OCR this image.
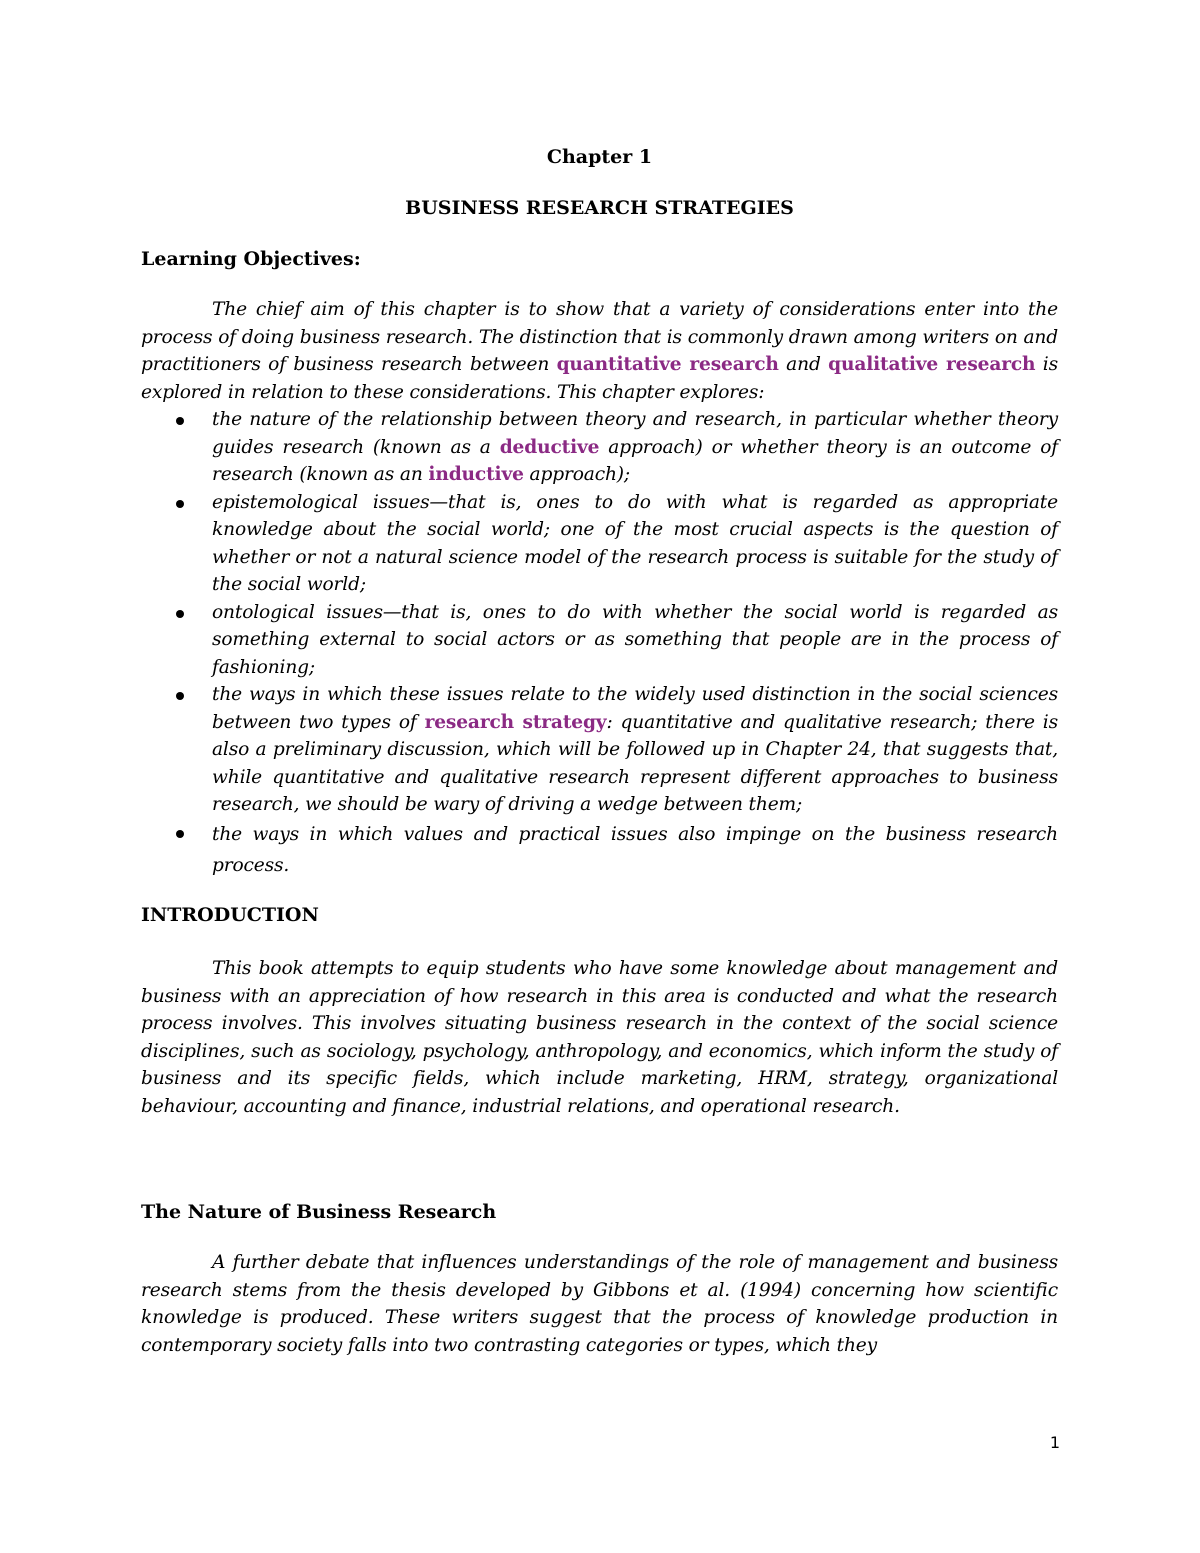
Chapter 1
BUSINESS RESEARCH STRATEGIES
Learning Objectives:

The chief aim of this chapter is to show that a variety of considerations enter into the process of doing business research. The distinction that is commonly drawn among writers on and practitioners of business research between quantitative research and qualitative research is explored in relation to these considerations. This chapter explores:

the nature of the relationship between theory and research, in particular whether theory guides research (known as a deductive approach) or whether theory is an outcome of research (known as an inductive approach);
epistemological issues—that is, ones to do with what is regarded as appropriate knowledge about the social world; one of the most crucial aspects is the question of whether or not a natural science model of the research process is suitable for the study of the social world;
ontological issues—that is, ones to do with whether the social world is regarded as something external to social actors or as something that people are in the process of fashioning;
the ways in which these issues relate to the widely used distinction in the social sciences between two types of research strategy: quantitative and qualitative research; there is also a preliminary discussion, which will be followed up in Chapter 24, that suggests that, while quantitative and qualitative research represent different approaches to business research, we should be wary of driving a wedge between them;
the ways in which values and practical issues also impinge on the business research process.
INTRODUCTION

This book attempts to equip students who have some knowledge about management and business with an appreciation of how research in this area is conducted and what the research process involves. This involves situating business research in the context of the social science disciplines, such as sociology, psychology, anthropology, and economics, which inform the study of business and its specific fields, which include marketing, HRM, strategy, organizational behaviour, accounting and finance, industrial relations, and operational research.

The Nature of Business Research

A further debate that influences understandings of the role of management and business research stems from the thesis developed by Gibbons et al. (1994) concerning how scientific knowledge is produced. These writers suggest that the process of knowledge production in contemporary society falls into two contrasting categories or types, which they

1
